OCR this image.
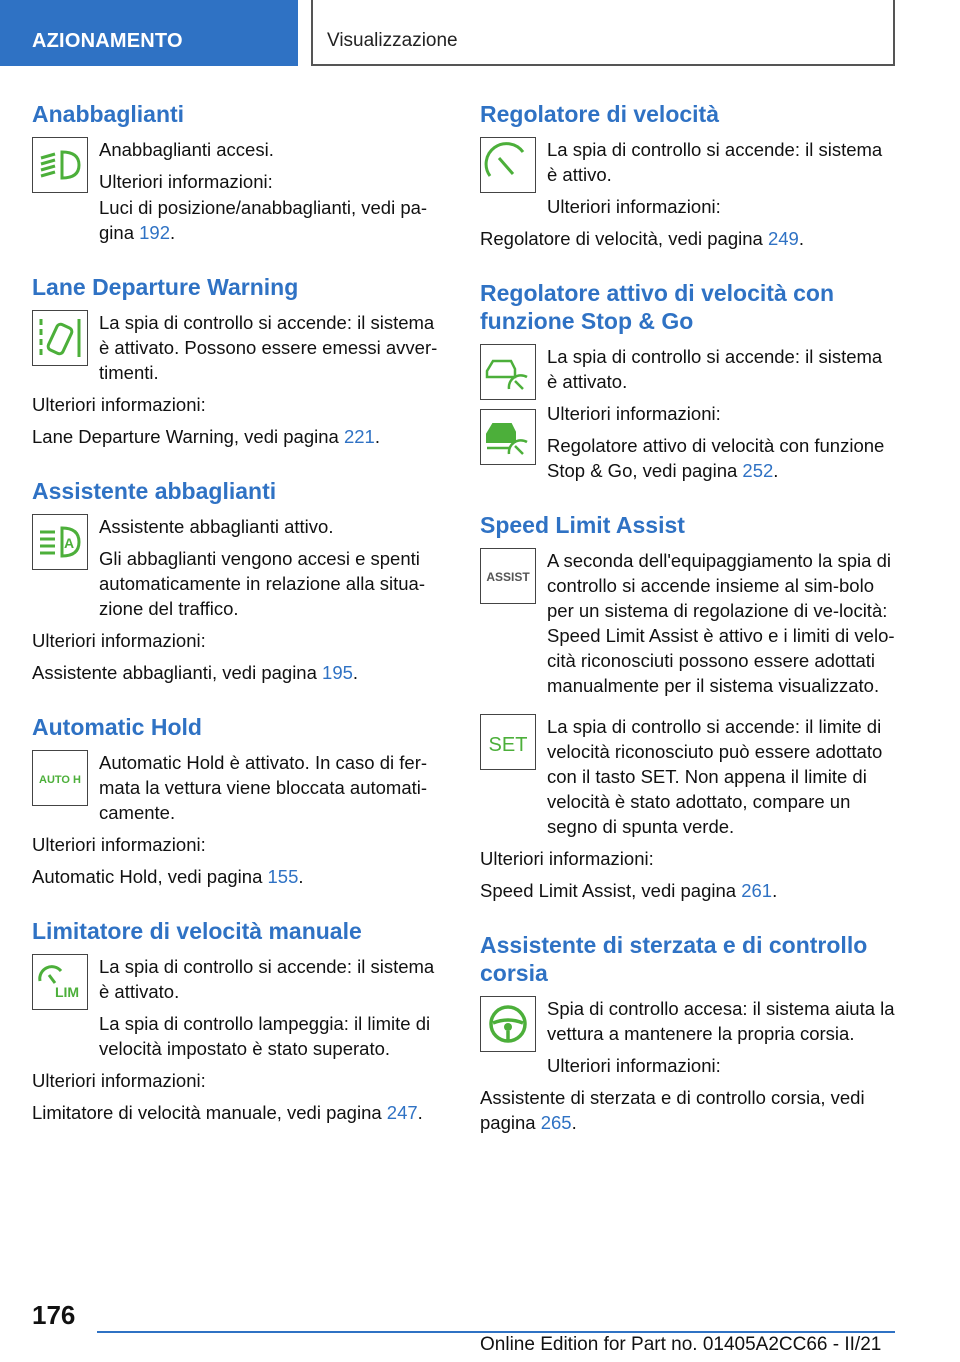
AZIONAMENTO	Visualizzazione
Anabbaglianti

Anabbaglianti accesi.

Ulteriori informazioni:

Luci di posizione/anabbaglianti, vedi pa-gina 192.

Lane Departure Warning

La spia di controllo si accende: il sistema è attivato. Possono essere emessi avver-timenti.

Ulteriori informazioni:

Lane Departure Warning, vedi pagina 221.

Assistente abbaglianti
A

Assistente abbaglianti attivo.

Gli abbaglianti vengono accesi e spenti automaticamente in relazione alla situa-zione del traffico.

Ulteriori informazioni:

Assistente abbaglianti, vedi pagina 195.

Automatic Hold
AUTO H

Automatic Hold è attivato. In caso di fer-mata la vettura viene bloccata automati-camente.

Ulteriori informazioni:

Automatic Hold, vedi pagina 155.

Limitatore di velocità manuale
LIM

La spia di controllo si accende: il sistema è attivato.

La spia di controllo lampeggia: il limite di velocità impostato è stato superato.

Ulteriori informazioni:

Limitatore di velocità manuale, vedi pagina 247.

Regolatore di velocità

La spia di controllo si accende: il sistema è attivo.

Ulteriori informazioni:

Regolatore di velocità, vedi pagina 249.

Regolatore attivo di velocità con funzione Stop & Go

La spia di controllo si accende: il sistema è attivato.

Ulteriori informazioni:

Regolatore attivo di velocità con funzione Stop & Go, vedi pagina 252.

Speed Limit Assist
ASSIST

A seconda dell'equipaggiamento la spia di controllo si accende insieme al sim-bolo per un sistema di regolazione di ve-locità: Speed Limit Assist è attivo e i limiti di velo-cità riconosciuti possono essere adottati manualmente per il sistema visualizzato.

SET

La spia di controllo si accende: il limite di velocità riconosciuto può essere adottato con il tasto SET. Non appena il limite di velocità è stato adottato, compare un segno di spunta verde.

Ulteriori informazioni:

Speed Limit Assist, vedi pagina 261.

Assistente di sterzata e di controllo corsia

Spia di controllo accesa: il sistema aiuta la vettura a mantenere la propria corsia.

Ulteriori informazioni:

Assistente di sterzata e di controllo corsia, vedi pagina 265.

176
Online Edition for Part no. 01405A2CC66 - II/21
